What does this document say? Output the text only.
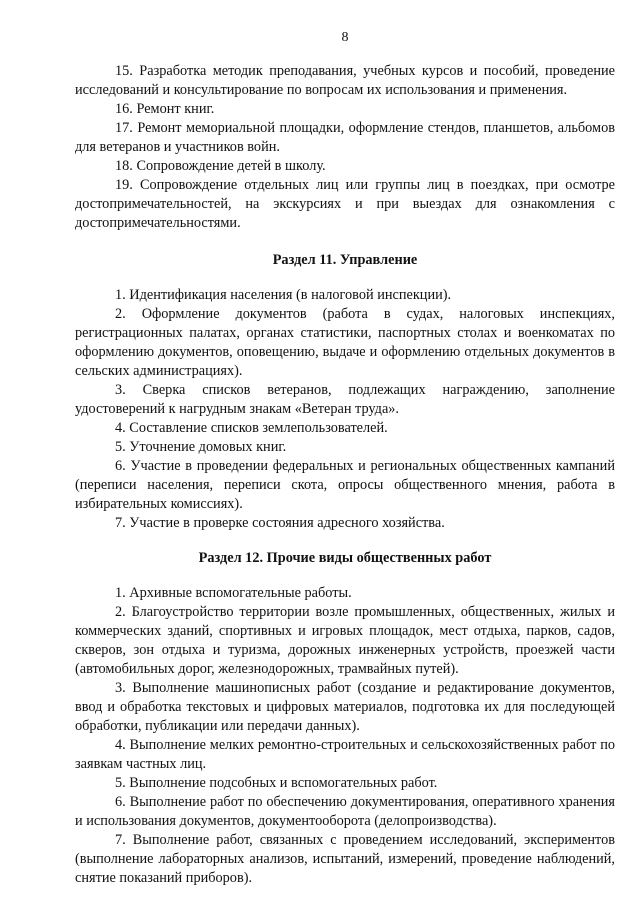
8

15. Разработка методик преподавания, учебных курсов и пособий, проведение исследований и консультирование по вопросам их использования и применения.

16. Ремонт книг.

17. Ремонт мемориальной площадки, оформление стендов, планшетов, альбомов для ветеранов и участников войн.

18. Сопровождение детей в школу.

19. Сопровождение отдельных лиц или группы лиц в поездках, при осмотре достопримечательностей, на экскурсиях и при выездах для ознакомления с достопримечательностями.

Раздел 11. Управление

1. Идентификация населения (в налоговой инспекции).

2. Оформление документов (работа в судах, налоговых инспекциях, регистрационных палатах, органах статистики, паспортных столах и военкоматах по оформлению документов, оповещению, выдаче и оформлению отдельных документов в сельских администрациях).

3. Сверка списков ветеранов, подлежащих награждению, заполнение удостоверений к нагрудным знакам «Ветеран труда».

4. Составление списков землепользователей.

5. Уточнение домовых книг.

6. Участие в проведении федеральных и региональных общественных кампаний (переписи населения, переписи скота, опросы общественного мнения, работа в избирательных комиссиях).

7. Участие в проверке состояния адресного хозяйства.

Раздел 12. Прочие виды общественных работ

1. Архивные вспомогательные работы.

2. Благоустройство территории возле промышленных, общественных, жилых и коммерческих зданий, спортивных и игровых площадок, мест отдыха, парков, садов, скверов, зон отдыха и туризма, дорожных инженерных устройств, проезжей части (автомобильных дорог, железнодорожных, трамвайных путей).

3. Выполнение машинописных работ (создание и редактирование документов, ввод и обработка текстовых и цифровых материалов, подготовка их для последующей обработки, публикации или передачи данных).

4. Выполнение мелких ремонтно-строительных и сельскохозяйственных работ по заявкам частных лиц.

5. Выполнение подсобных и вспомогательных работ.

6. Выполнение работ по обеспечению документирования, оперативного хранения и использования документов, документооборота (делопроизводства).

7. Выполнение работ, связанных с проведением исследований, экспериментов (выполнение лабораторных анализов, испытаний, измерений, проведение наблюдений, снятие показаний приборов).
